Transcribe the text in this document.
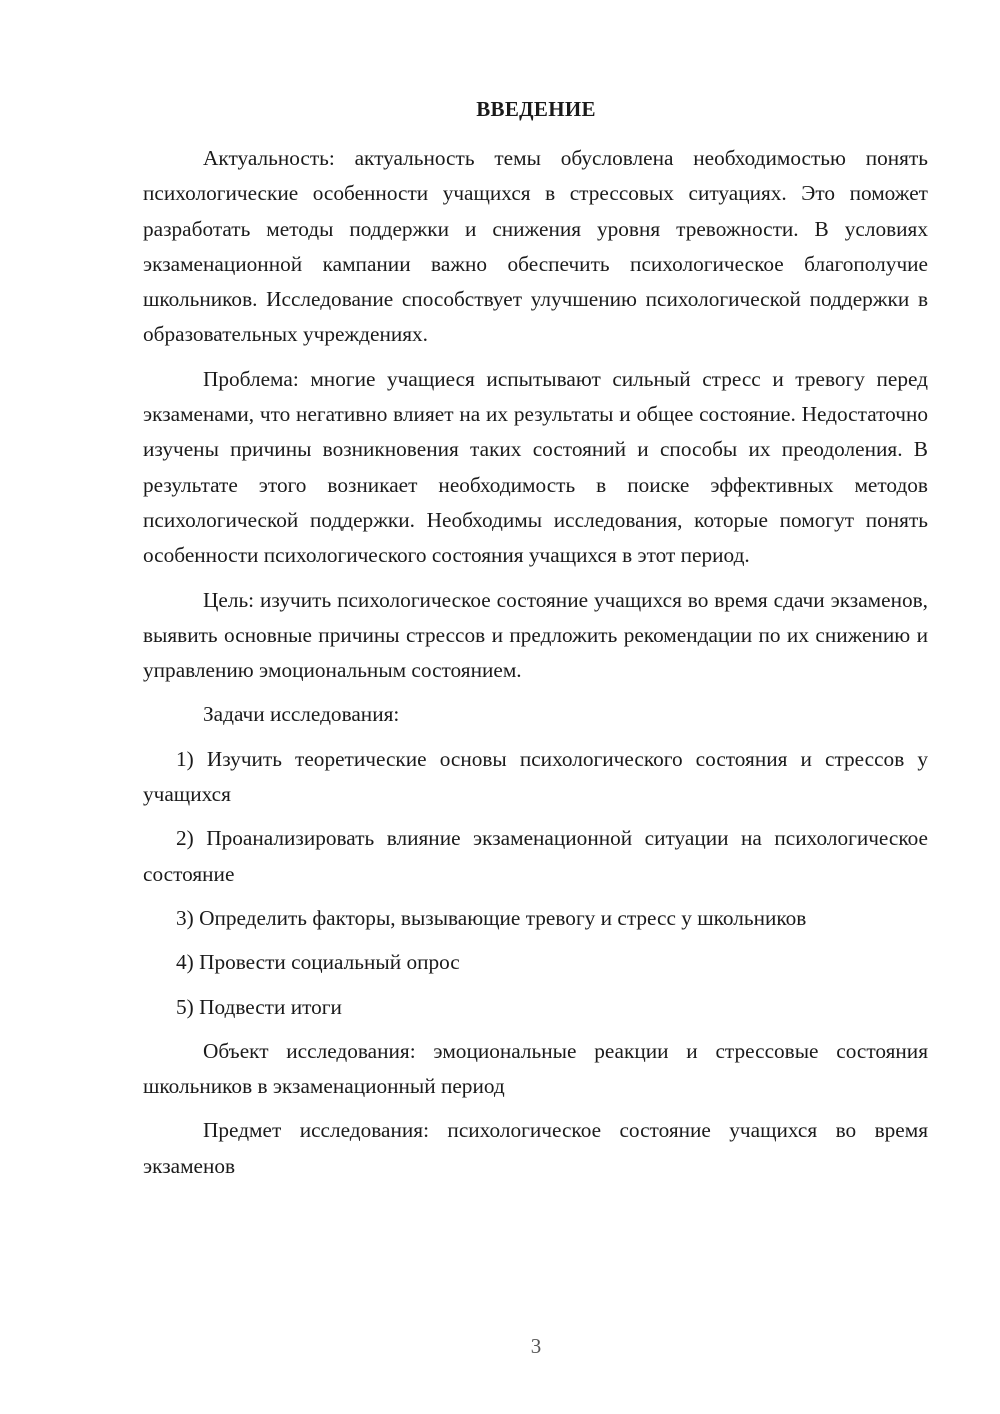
ВВЕДЕНИЕ

Актуальность: актуальность темы обусловлена необходимостью понять психологические особенности учащихся в стрессовых ситуациях. Это поможет разработать методы поддержки и снижения уровня тревожности. В условиях экзаменационной кампании важно обеспечить психологическое благополучие школьников. Исследование способствует улучшению психологической поддержки в образовательных учреждениях.

Проблема: многие учащиеся испытывают сильный стресс и тревогу перед экзаменами, что негативно влияет на их результаты и общее состояние. Недостаточно изучены причины возникновения таких состояний и способы их преодоления. В результате этого возникает необходимость в поиске эффективных методов психологической поддержки. Необходимы исследования, которые помогут понять особенности психологического состояния учащихся в этот период.

Цель: изучить психологическое состояние учащихся во время сдачи экзаменов, выявить основные причины стрессов и предложить рекомендации по их снижению и управлению эмоциональным состоянием.

Задачи исследования:

1) Изучить теоретические основы психологического состояния и стрессов у учащихся

2) Проанализировать влияние экзаменационной ситуации на психологическое состояние

3) Определить факторы, вызывающие тревогу и стресс у школьников

4) Провести социальный опрос

5) Подвести итоги

Объект исследования: эмоциональные реакции и стрессовые состояния школьников в экзаменационный период

Предмет исследования: психологическое состояние учащихся во время экзаменов

3
